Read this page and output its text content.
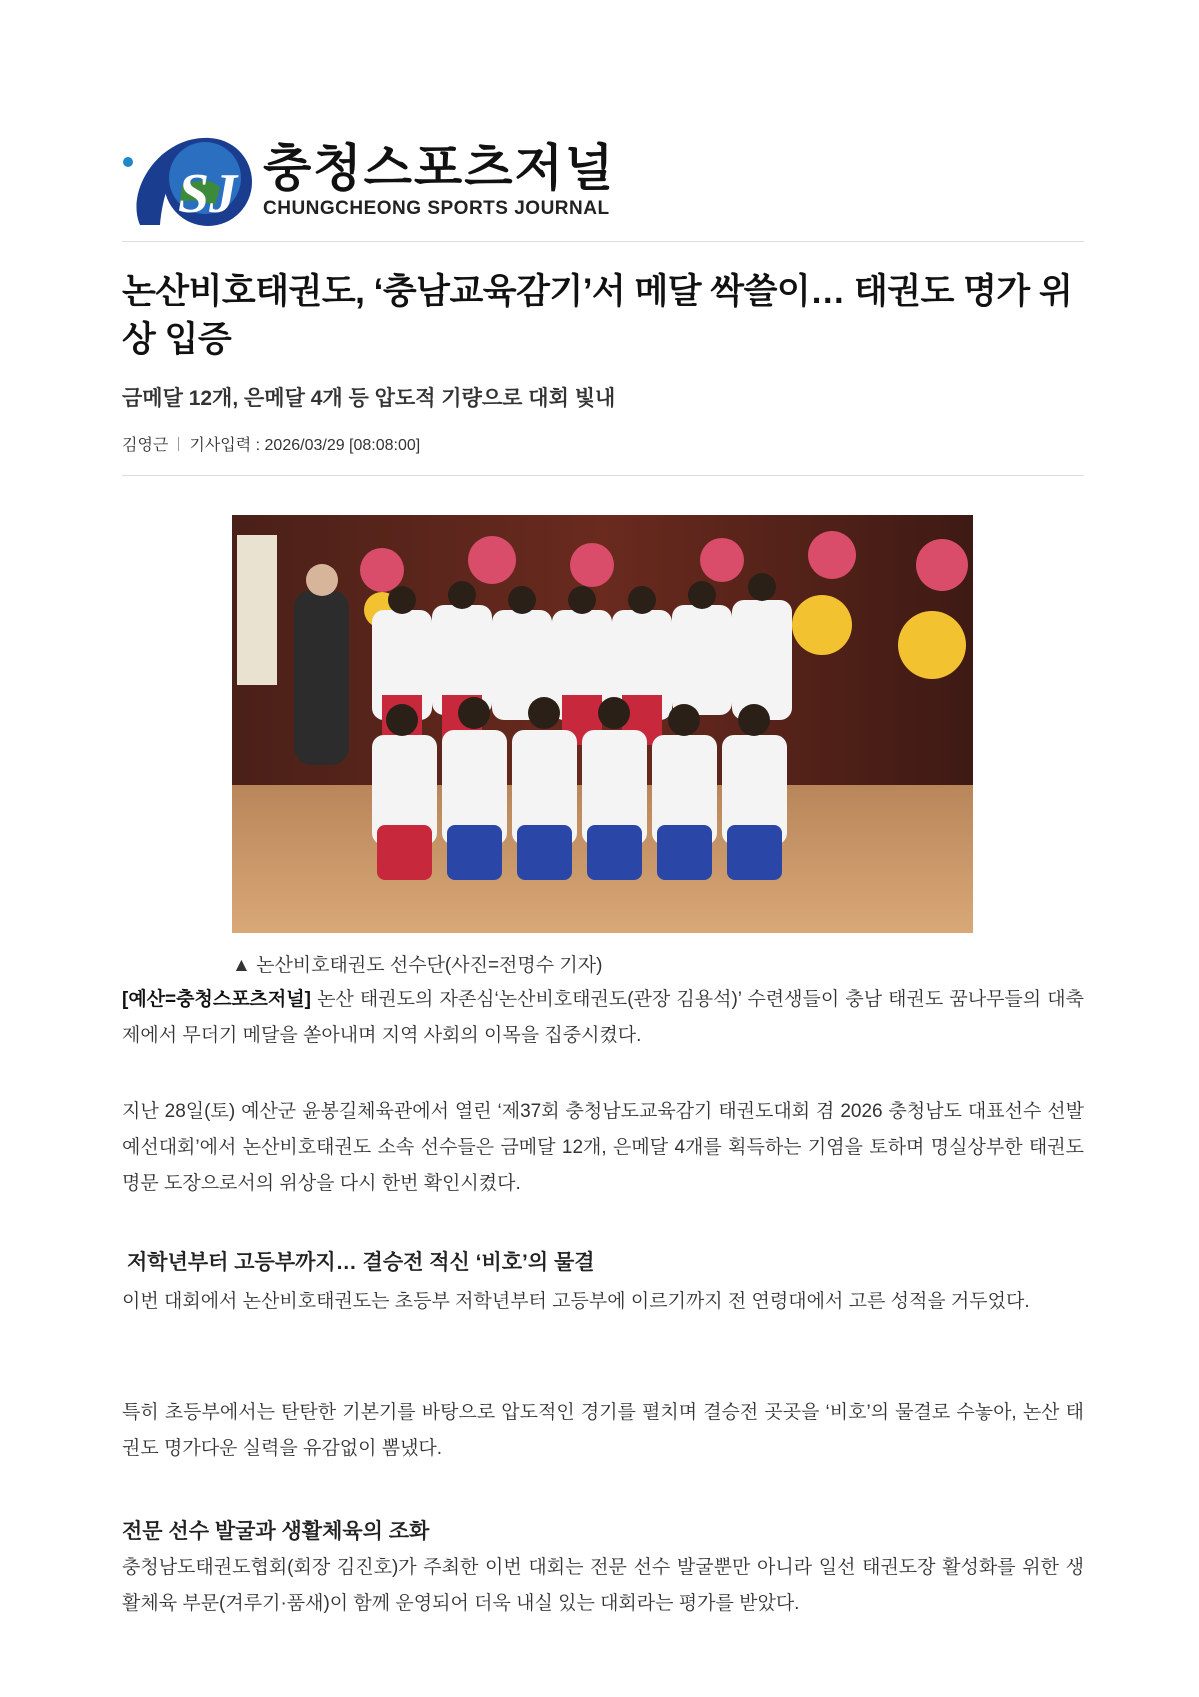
SJ 충청스포츠저널
CHUNGCHEONG SPORTS JOURNAL
논산비호태권도, ‘충남교육감기’서 메달 싹쓸이… 태권도 명가 위상 입증
금메달 12개, 은메달 4개 등 압도적 기량으로 대회 빛내
김영근 기사입력 : 2026/03/29 [08:08:00]
▲ 논산비호태권도 선수단(사진=전명수 기자)
[예산=충청스포츠저널] 논산 태권도의 자존심‘논산비호태권도(관장 김용석)’ 수련생들이 충남 태권도 꿈나무들의 대축제에서 무더기 메달을 쏟아내며 지역 사회의 이목을 집중시켰다.
지난 28일(토) 예산군 윤봉길체육관에서 열린 ‘제37회 충청남도교육감기 태권도대회 겸 2026 충청남도 대표선수 선발 예선대회’에서 논산비호태권도 소속 선수들은 금메달 12개, 은메달 4개를 획득하는 기염을 토하며 명실상부한 태권도 명문 도장으로서의 위상을 다시 한번 확인시켰다.
저학년부터 고등부까지… 결승전 적신 ‘비호’의 물결
이번 대회에서 논산비호태권도는 초등부 저학년부터 고등부에 이르기까지 전 연령대에서 고른 성적을 거두었다.
특히 초등부에서는 탄탄한 기본기를 바탕으로 압도적인 경기를 펼치며 결승전 곳곳을 ‘비호’의 물결로 수놓아, 논산 태권도 명가다운 실력을 유감없이 뽐냈다.
전문 선수 발굴과 생활체육의 조화
충청남도태권도협회(회장 김진호)가 주최한 이번 대회는 전문 선수 발굴뿐만 아니라 일선 태권도장 활성화를 위한 생활체육 부문(겨루기·품새)이 함께 운영되어 더욱 내실 있는 대회라는 평가를 받았다.
